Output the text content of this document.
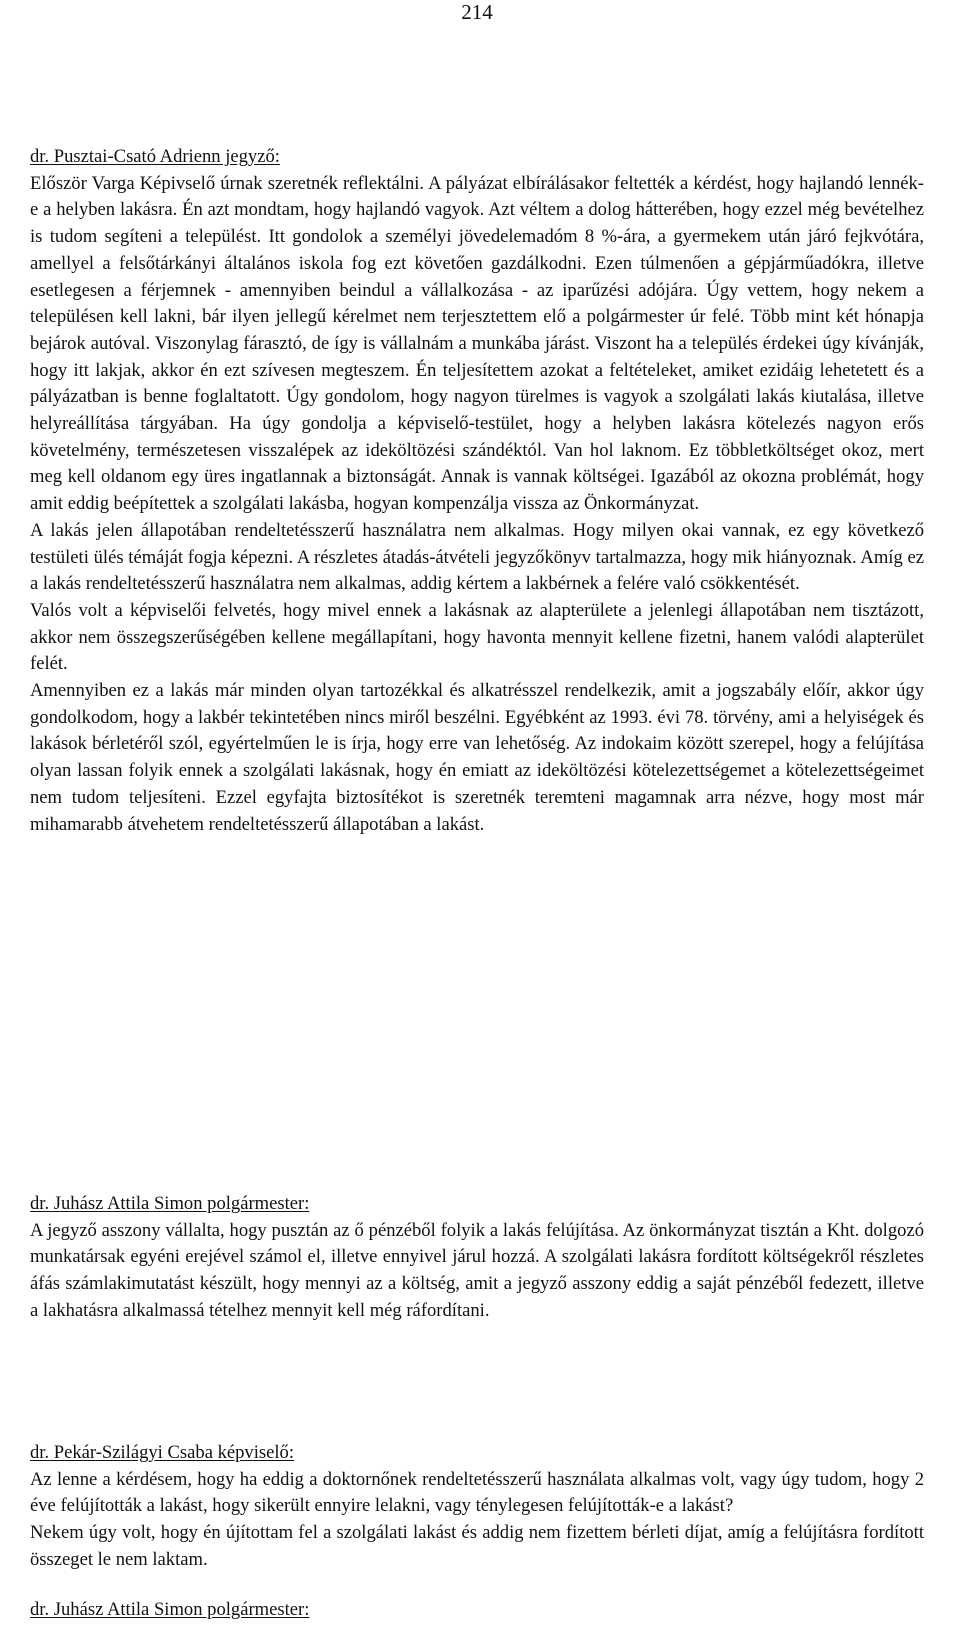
214
dr. Pusztai-Csató Adrienn jegyző:
Először Varga Képivselő úrnak szeretnék reflektálni. A pályázat elbírálásakor feltették a kérdést, hogy hajlandó lennék-e a helyben lakásra. Én azt mondtam, hogy hajlandó vagyok. Azt véltem a dolog hátterében, hogy ezzel még bevételhez is tudom segíteni a települést. Itt gondolok a személyi jövedelemadóm 8 %-ára, a gyermekem után járó fejkvótára, amellyel a felsőtárkányi általános iskola fog ezt követően gazdálkodni. Ezen túlmenően a gépjárműadókra, illetve esetlegesen a férjemnek - amennyiben beindul a vállalkozása - az iparűzési adójára. Úgy vettem, hogy nekem a településen kell lakni, bár ilyen jellegű kérelmet nem terjesztettem elő a polgármester úr felé. Több mint két hónapja bejárok autóval. Viszonylag fárasztó, de így is vállalnám a munkába járást. Viszont ha a település érdekei úgy kívánják, hogy itt lakjak, akkor én ezt szívesen megteszem. Én teljesítettem azokat a feltételeket, amiket ezidáig lehetetett és a pályázatban is benne foglaltatott. Úgy gondolom, hogy nagyon türelmes is vagyok a szolgálati lakás kiutalása, illetve helyreállítása tárgyában. Ha úgy gondolja a képviselő-testület, hogy a helyben lakásra kötelezés nagyon erős követelmény, természetesen visszalépek az ideköltözési szándéktól. Van hol laknom. Ez többletköltséget okoz, mert meg kell oldanom egy üres ingatlannak a biztonságát. Annak is vannak költségei. Igazából az okozna problémát, hogy amit eddig beépítettek a szolgálati lakásba, hogyan kompenzálja vissza az Önkormányzat.
A lakás jelen állapotában rendeltetésszerű használatra nem alkalmas. Hogy milyen okai vannak, ez egy következő testületi ülés témáját fogja képezni. A részletes átadás-átvételi jegyzőkönyv tartalmazza, hogy mik hiányoznak. Amíg ez a lakás rendeltetésszerű használatra nem alkalmas, addig kértem a lakbérnek a felére való csökkentését.
Valós volt a képviselői felvetés, hogy mivel ennek a lakásnak az alapterülete a jelenlegi állapotában nem tisztázott, akkor nem összegszerűségében kellene megállapítani, hogy havonta mennyit kellene fizetni, hanem valódi alapterület felét.
Amennyiben ez a lakás már minden olyan tartozékkal és alkatrésszel rendelkezik, amit a jogszabály előír, akkor úgy gondolkodom, hogy a lakbér tekintetében nincs miről beszélni. Egyébként az 1993. évi 78. törvény, ami a helyiségek és lakások bérletéről szól, egyértelműen le is írja, hogy erre van lehetőség. Az indokaim között szerepel, hogy a felújítása olyan lassan folyik ennek a szolgálati lakásnak, hogy én emiatt az ideköltözési kötelezettségemet a kötelezettségeimet nem tudom teljesíteni. Ezzel egyfajta biztosítékot is szeretnék teremteni magamnak arra nézve, hogy most már mihamarabb átvehetem rendeltetésszerű állapotában a lakást.
dr. Juhász Attila Simon polgármester:
A jegyző asszony vállalta, hogy pusztán az ő pénzéből folyik a lakás felújítása. Az önkormányzat tisztán a Kht. dolgozó munkatársak egyéni erejével számol el, illetve ennyivel járul hozzá. A szolgálati lakásra fordított költségekről részletes áfás számlakimutatást készült, hogy mennyi az a költség, amit a jegyző asszony eddig a saját pénzéből fedezett, illetve a lakhatásra alkalmassá tételhez mennyit kell még ráfordítani.
dr. Pekár-Szilágyi Csaba képviselő:
Az lenne a kérdésem, hogy ha eddig a doktornőnek rendeltetésszerű használata alkalmas volt, vagy úgy tudom, hogy 2 éve felújították a lakást, hogy sikerült ennyire lelakni, vagy ténylegesen felújították-e a lakást?
Nekem úgy volt, hogy én újítottam fel a szolgálati lakást és addig nem fizettem bérleti díjat, amíg a felújításra fordított összeget le nem laktam.
dr. Juhász Attila Simon polgármester:
